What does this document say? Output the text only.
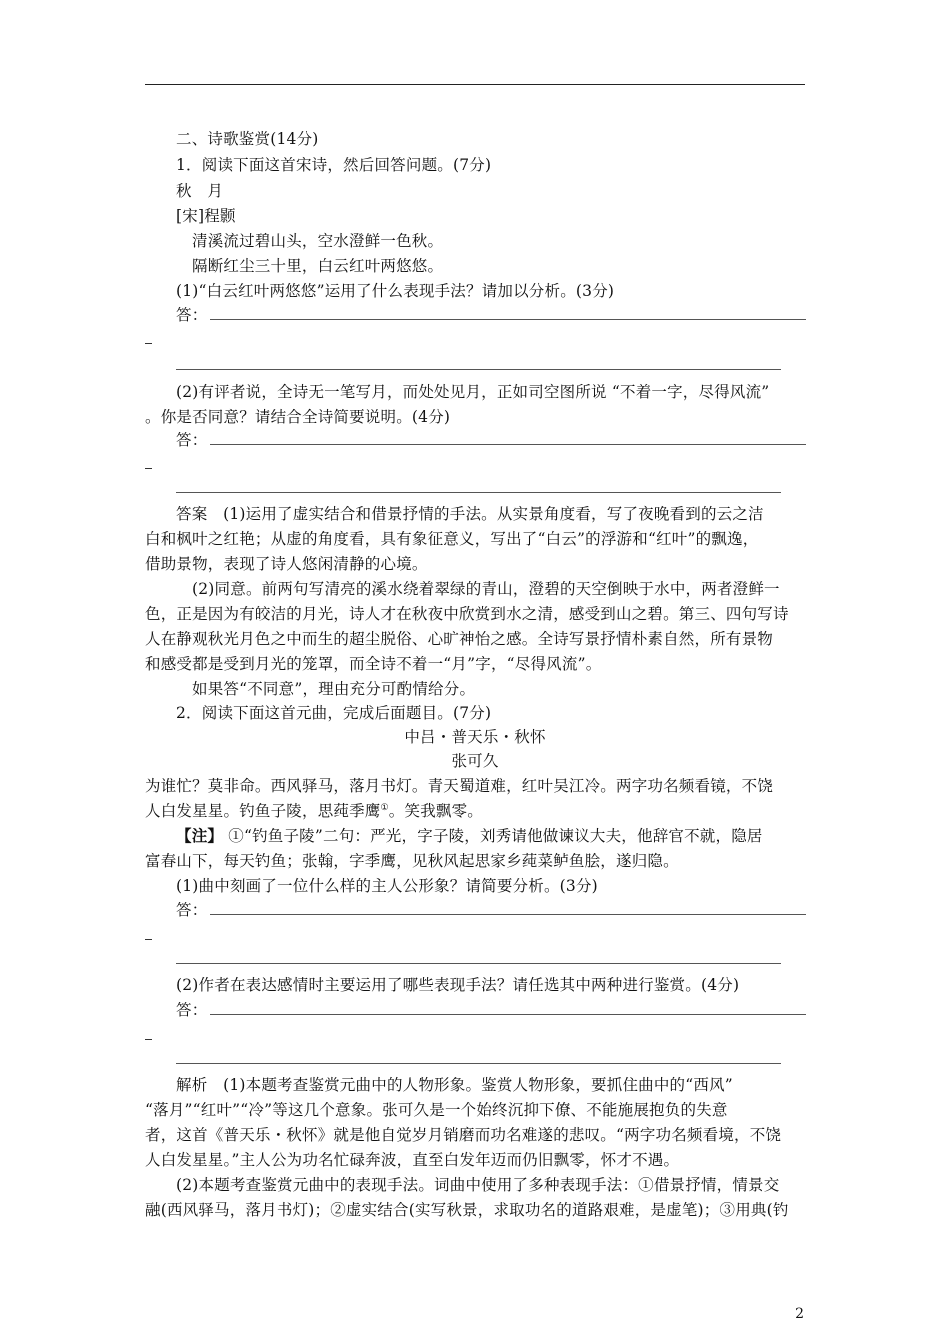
二、诗歌鉴赏(14分)
1．阅读下面这首宋诗，然后回答问题。(7分)
秋　月
[宋]程颢
清溪流过碧山头，空水澄鲜一色秋。
隔断红尘三十里，白云红叶两悠悠。
(1)“白云红叶两悠悠”运用了什么表现手法？请加以分析。(3分)
答：
(2)有评者说，全诗无一笔写月，而处处见月，正如司空图所说 “不着一字，尽得风流”
。你是否同意？请结合全诗简要说明。(4分)
答：
答案　(1)运用了虚实结合和借景抒情的手法。从实景角度看，写了夜晚看到的云之洁
白和枫叶之红艳；从虚的角度看，具有象征意义，写出了“白云”的浮游和“红叶”的飘逸，
借助景物，表现了诗人悠闲清静的心境。
(2)同意。前两句写清亮的溪水绕着翠绿的青山，澄碧的天空倒映于水中，两者澄鲜一
色，正是因为有皎洁的月光，诗人才在秋夜中欣赏到水之清，感受到山之碧。第三、四句写诗
人在静观秋光月色之中而生的超尘脱俗、心旷神怡之感。全诗写景抒情朴素自然，所有景物
和感受都是受到月光的笼罩，而全诗不着一“月”字，“尽得风流”。
如果答“不同意”，理由充分可酌情给分。
2．阅读下面这首元曲，完成后面题目。(7分)
中吕・普天乐・秋怀
张可久
为谁忙？莫非命。西风驿马，落月书灯。青天蜀道难，红叶吴江冷。两字功名频看镜，不饶
人白发星星。钓鱼子陵，思莼季鹰①。笑我飘零。
【注】 ①“钓鱼子陵”二句：严光，字子陵，刘秀请他做谏议大夫，他辞官不就，隐居
富春山下，每天钓鱼；张翰，字季鹰，见秋风起思家乡莼菜鲈鱼脍，遂归隐。
(1)曲中刻画了一位什么样的主人公形象？请简要分析。(3分)
答：
(2)作者在表达感情时主要运用了哪些表现手法？请任选其中两种进行鉴赏。(4分)
答：
解析　(1)本题考查鉴赏元曲中的人物形象。鉴赏人物形象，要抓住曲中的“西风”
“落月”“红叶”“冷”等这几个意象。张可久是一个始终沉抑下僚、不能施展抱负的失意
者，这首《普天乐・秋怀》就是他自觉岁月销磨而功名难遂的悲叹。“两字功名频看境，不饶
人白发星星。”主人公为功名忙碌奔波，直至白发年迈而仍旧飘零，怀才不遇。
(2)本题考查鉴赏元曲中的表现手法。词曲中使用了多种表现手法：①借景抒情，情景交
融(西风驿马，落月书灯)；②虚实结合(实写秋景，求取功名的道路艰难，是虚笔)；③用典(钓
2
